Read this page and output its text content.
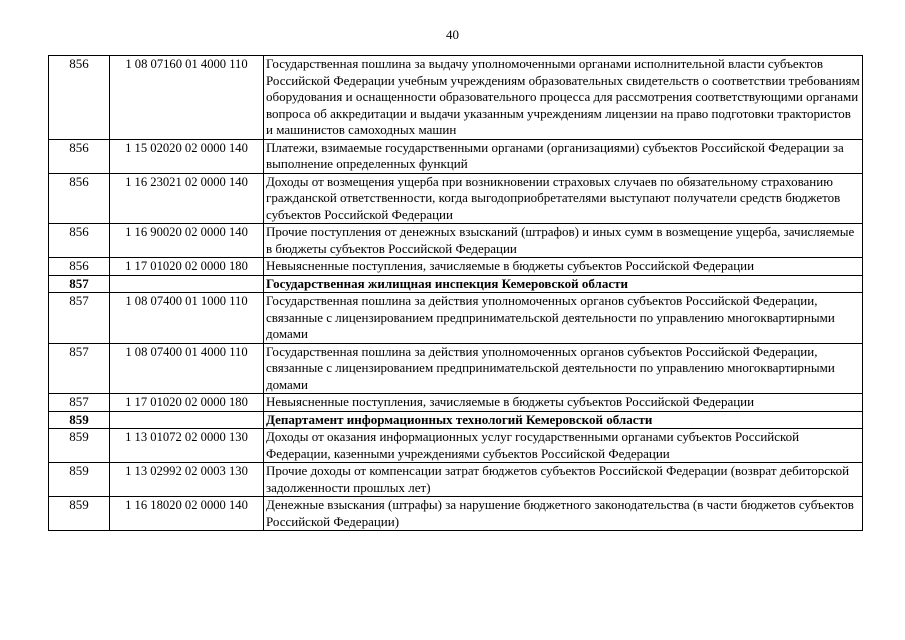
40
856	1 08 07160 01 4000 110	Государственная пошлина за выдачу уполномоченными органами исполнительной власти субъектов Российской Федерации учебным учреждениям образовательных свидетельств о соответствии требованиям оборудования и оснащенности образовательного процесса для рассмотрения соответствующими органами вопроса об аккредитации и выдачи указанным учреждениям лицензии на право подготовки трактористов и машинистов самоходных машин
856	1 15 02020 02 0000 140	Платежи, взимаемые государственными органами (организациями) субъектов Российской Федерации за выполнение определенных функций
856	1 16 23021 02 0000 140	Доходы от возмещения ущерба при возникновении страховых случаев по обязательному страхованию гражданской ответственности, когда выгодоприобретателями выступают получатели средств бюджетов субъектов Российской Федерации
856	1 16 90020 02 0000 140	Прочие поступления от денежных взысканий (штрафов) и иных сумм в возмещение ущерба, зачисляемые в бюджеты субъектов Российской Федерации
856	1 17 01020 02 0000 180	Невыясненные поступления, зачисляемые в бюджеты субъектов Российской Федерации
857		Государственная жилищная инспекция Кемеровской области
857	1 08 07400 01 1000 110	Государственная пошлина за действия уполномоченных органов субъектов Российской Федерации, связанные с лицензированием предпринимательской деятельности по управлению многоквартирными домами
857	1 08 07400 01 4000 110	Государственная пошлина за действия уполномоченных органов субъектов Российской Федерации, связанные с лицензированием предпринимательской деятельности по управлению многоквартирными домами
857	1 17 01020 02 0000 180	Невыясненные поступления, зачисляемые в бюджеты субъектов Российской Федерации
859		Департамент информационных технологий Кемеровской области
859	1 13 01072 02 0000 130	Доходы от оказания информационных услуг государственными органами субъектов Российской Федерации, казенными учреждениями субъектов Российской Федерации
859	1 13 02992 02 0003 130	Прочие доходы от компенсации затрат бюджетов субъектов Российской Федерации (возврат дебиторской задолженности прошлых лет)
859	1 16 18020 02 0000 140	Денежные взыскания (штрафы) за нарушение бюджетного законодательства (в части бюджетов субъектов Российской Федерации)
